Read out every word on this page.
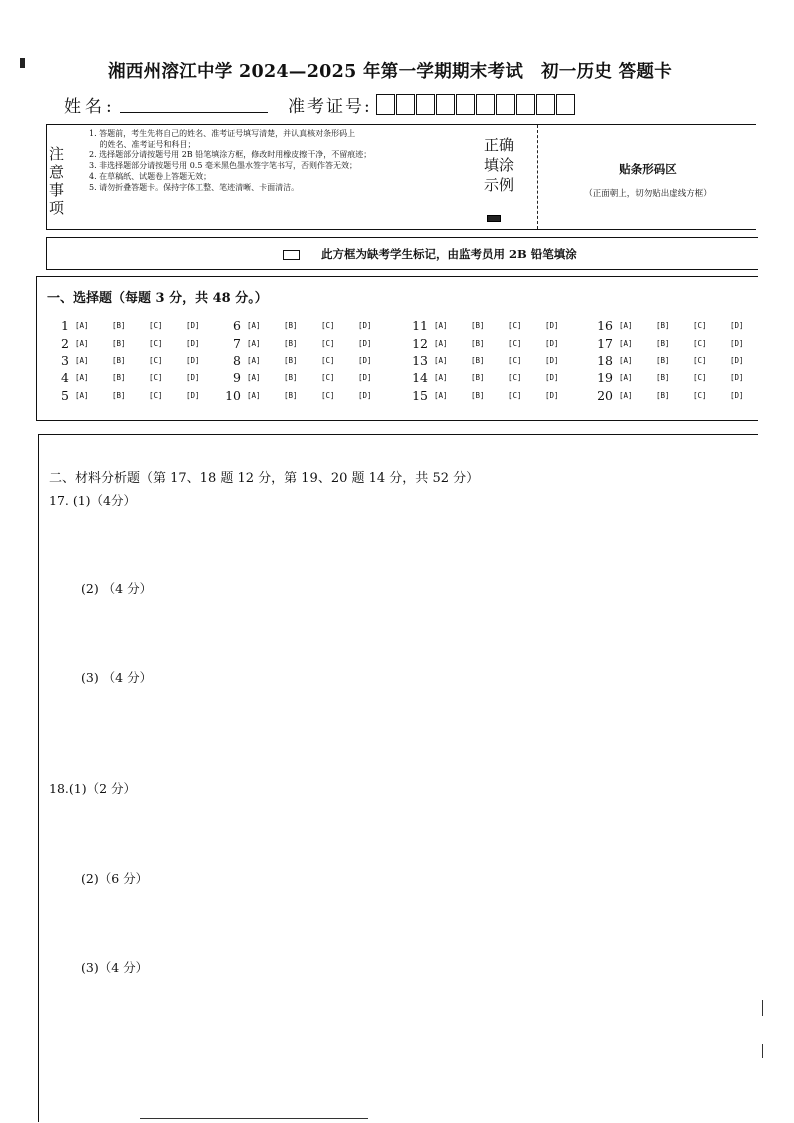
湘西州溶江中学 2024—2025 年第一学期期末考试　初一历史 答题卡
姓名:	准考证号:
注意事项
1. 答题前，考生先将自己的姓名、准考证号填写清楚，并认真核对条形码上
　 的姓名、准考证号和科目；
2. 选择题部分请按题号用 2B 铅笔填涂方框，修改时用橡皮擦干净，不留痕迹；
3. 非选择题部分请按题号用 0.5 毫米黑色墨水签字笔书写，否则作答无效；
4. 在草稿纸、试题卷上答题无效；
5. 请勿折叠答题卡。保持字体工整、笔迹清晰、卡面清洁。
正确填涂示例
贴条形码区
（正面朝上，切勿贴出虚线方框）
此方框为缺考学生标记，由监考员用 2B 铅笔填涂
一、选择题（每题 3 分，共 48 分。）
1 [A]	[B]	[C]	[D]
2 [A]	[B]	[C]	[D]
3 [A]	[B]	[C]	[D]
4 [A]	[B]	[C]	[D]
5 [A]	[B]	[C]	[D]
6 [A]	[B]	[C]	[D]
7 [A]	[B]	[C]	[D]
8 [A]	[B]	[C]	[D]
9 [A]	[B]	[C]	[D]
10 [A]	[B]	[C]	[D]
11 [A]	[B]	[C]	[D]
12 [A]	[B]	[C]	[D]
13 [A]	[B]	[C]	[D]
14 [A]	[B]	[C]	[D]
15 [A]	[B]	[C]	[D]
16 [A]	[B]	[C]	[D]
17 [A]	[B]	[C]	[D]
18 [A]	[B]	[C]	[D]
19 [A]	[B]	[C]	[D]
20 [A]	[B]	[C]	[D]
二、材料分析题（第 17、18 题 12 分，第 19、20 题 14 分，共 52 分）
17. (1)（4分）
(2) （4 分）
(3) （4 分）
18.(1)（2 分）
(2)（6 分）
(3)（4 分）
